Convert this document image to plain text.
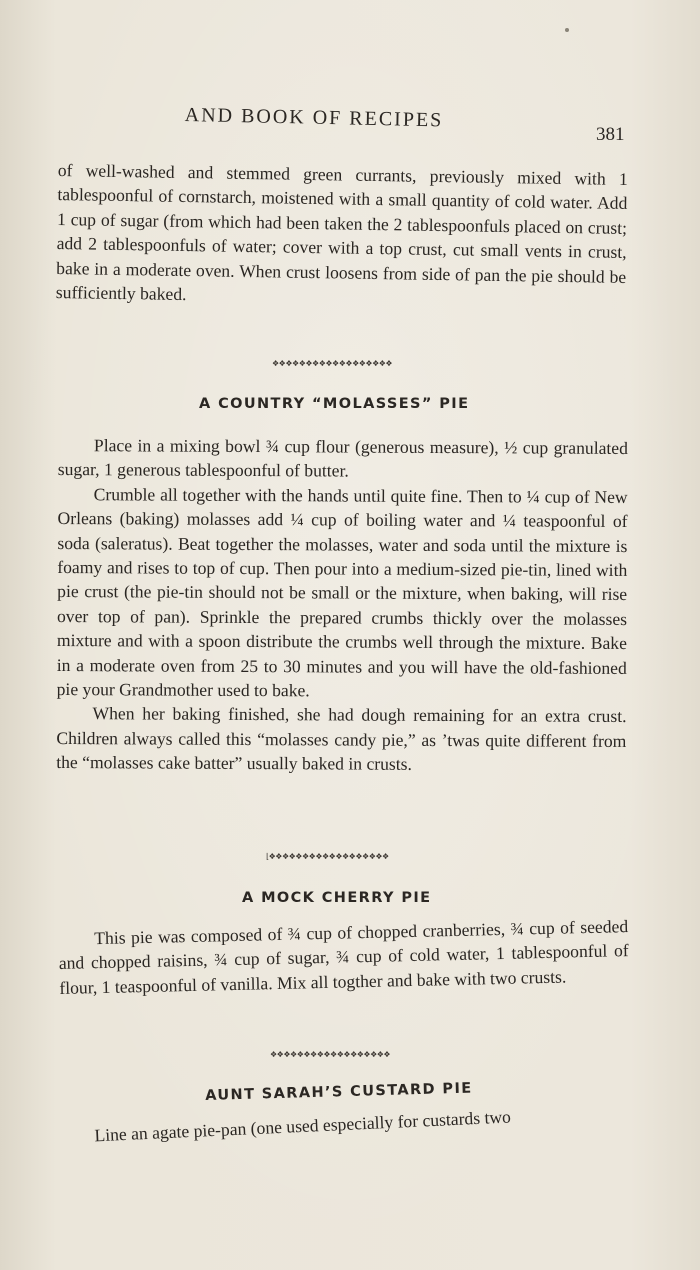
AND BOOK OF RECIPES
381

of well-washed and stemmed green currants, previously mixed with 1 tablespoonful of cornstarch, moistened with a small quantity of cold water. Add 1 cup of sugar (from which had been taken the 2 tablespoonfuls placed on crust; add 2 tablespoonfuls of water; cover with a top crust, cut small vents in crust, bake in a moderate oven. When crust loosens from side of pan the pie should be sufficiently baked.

❖❖❖❖❖❖❖❖❖❖❖❖❖❖❖❖❖❖
A COUNTRY “MOLASSES” PIE

Place in a mixing bowl ¾ cup flour (generous measure), ½ cup granulated sugar, 1 generous tablespoonful of butter.

Crumble all together with the hands until quite fine. Then to ¼ cup of New Orleans (baking) molasses add ¼ cup of boiling water and ¼ teaspoonful of soda (saleratus). Beat together the molasses, water and soda until the mixture is foamy and rises to top of cup. Then pour into a medium-sized pie-tin, lined with pie crust (the pie-tin should not be small or the mixture, when baking, will rise over top of pan). Sprinkle the prepared crumbs thickly over the molasses mixture and with a spoon distribute the crumbs well through the mixture. Bake in a moderate oven from 25 to 30 minutes and you will have the old-fashioned pie your Grandmother used to bake.

When her baking finished, she had dough remaining for an extra crust. Children always called this “molasses candy pie,” as ’twas quite different from the “molasses cake batter” usually baked in crusts.

⌊❖❖❖❖❖❖❖❖❖❖❖❖❖❖❖❖❖❖
A MOCK CHERRY PIE

This pie was composed of ¾ cup of chopped cranberries, ¾ cup of seeded and chopped raisins, ¾ cup of sugar, ¾ cup of cold water, 1 tablespoonful of flour, 1 teaspoonful of vanilla. Mix all togther and bake with two crusts.

❖❖❖❖❖❖❖❖❖❖❖❖❖❖❖❖❖❖
AUNT SARAH’S CUSTARD PIE

Line an agate pie-pan (one used especially for custards two
